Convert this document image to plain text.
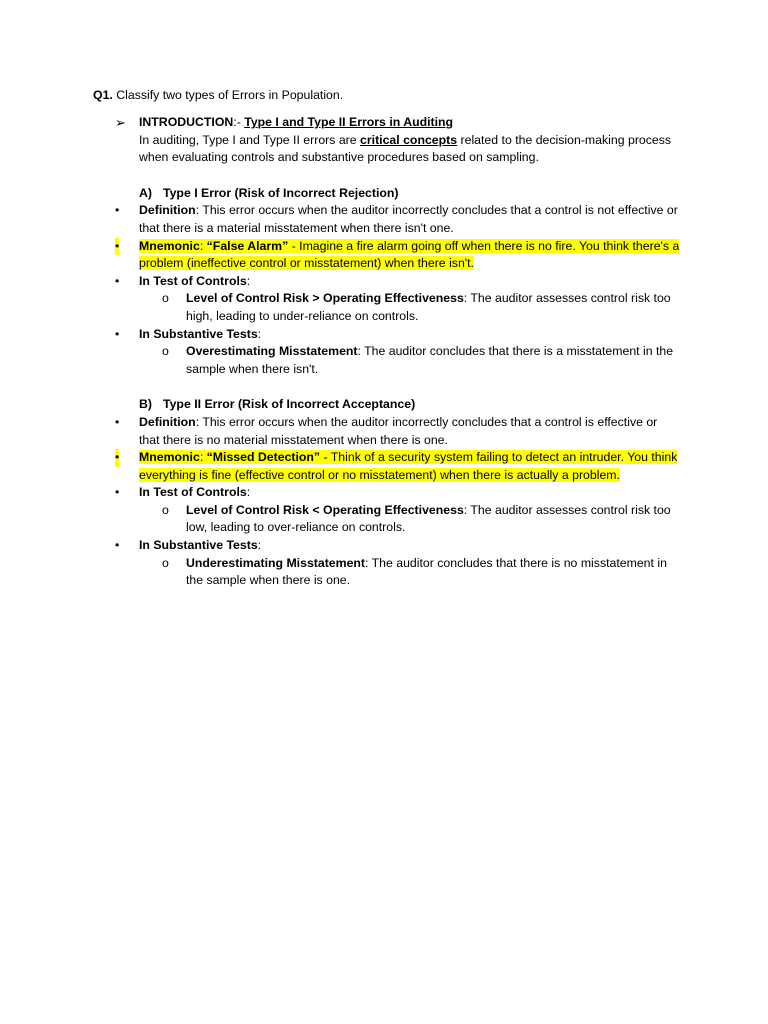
Q1. Classify two types of Errors in Population.
➢ INTRODUCTION:- Type I and Type II Errors in Auditing
In auditing, Type I and Type II errors are critical concepts related to the decision-making process when evaluating controls and substantive procedures based on sampling.
A) Type I Error (Risk of Incorrect Rejection)
• Definition: This error occurs when the auditor incorrectly concludes that a control is not effective or that there is a material misstatement when there isn't one.
• Mnemonic: “False Alarm” - Imagine a fire alarm going off when there is no fire. You think there's a problem (ineffective control or misstatement) when there isn't.
• In Test of Controls:
o Level of Control Risk > Operating Effectiveness: The auditor assesses control risk too high, leading to under-reliance on controls.
• In Substantive Tests:
o Overestimating Misstatement: The auditor concludes that there is a misstatement in the sample when there isn't.
B) Type II Error (Risk of Incorrect Acceptance)
• Definition: This error occurs when the auditor incorrectly concludes that a control is effective or that there is no material misstatement when there is one.
• Mnemonic: “Missed Detection” - Think of a security system failing to detect an intruder. You think everything is fine (effective control or no misstatement) when there is actually a problem.
• In Test of Controls:
o Level of Control Risk < Operating Effectiveness: The auditor assesses control risk too low, leading to over-reliance on controls.
• In Substantive Tests:
o Underestimating Misstatement: The auditor concludes that there is no misstatement in the sample when there is one.
